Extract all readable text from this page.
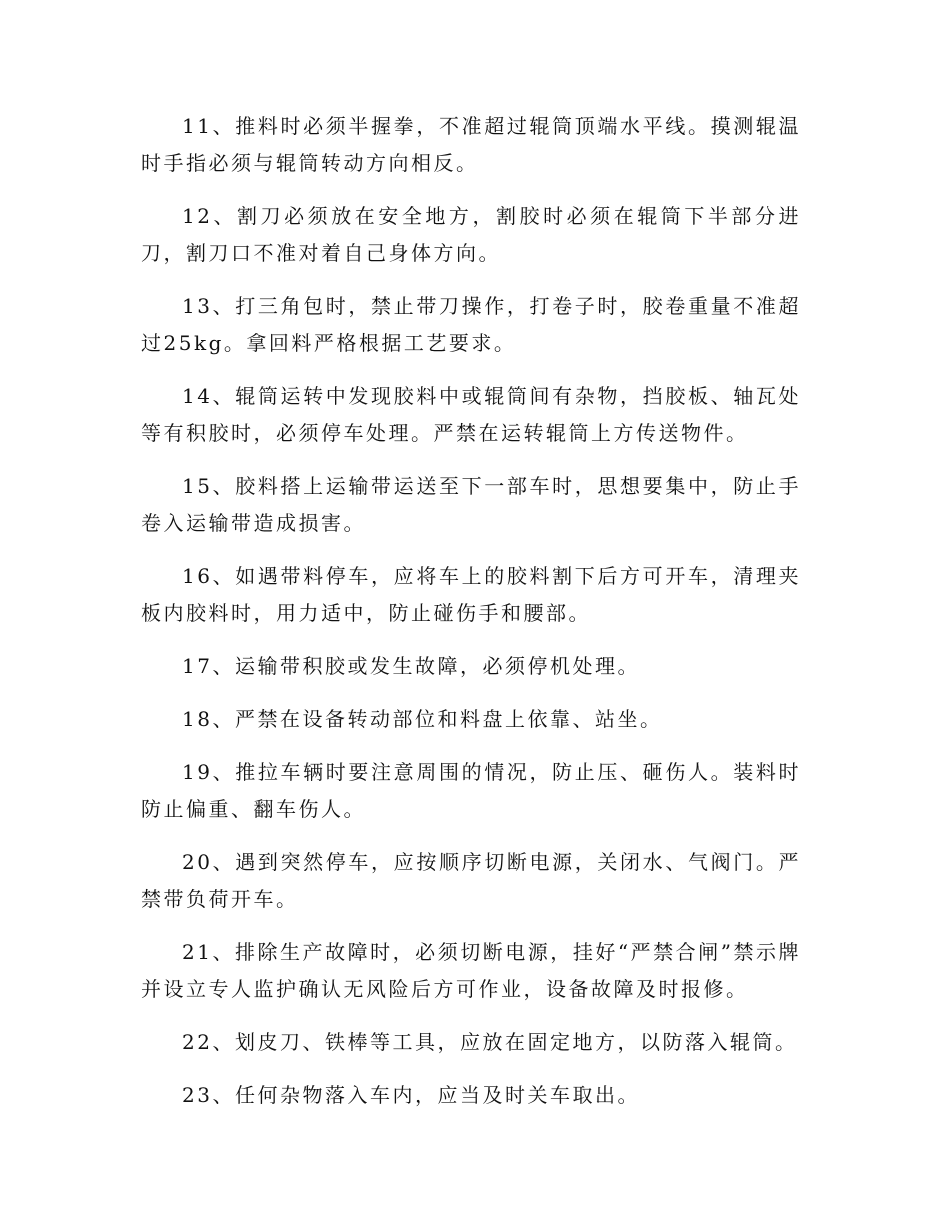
11、推料时必须半握拳，不准超过辊筒顶端水平线。摸测辊温时手指必须与辊筒转动方向相反。

12、割刀必须放在安全地方，割胶时必须在辊筒下半部分进刀，割刀口不准对着自己身体方向。

13、打三角包时，禁止带刀操作，打卷子时，胶卷重量不准超过25kg。拿回料严格根据工艺要求。

14、辊筒运转中发现胶料中或辊筒间有杂物，挡胶板、轴瓦处等有积胶时，必须停车处理。严禁在运转辊筒上方传送物件。

15、胶料搭上运输带运送至下一部车时，思想要集中，防止手卷入运输带造成损害。

16、如遇带料停车，应将车上的胶料割下后方可开车，清理夹板内胶料时，用力适中，防止碰伤手和腰部。

17、运输带积胶或发生故障，必须停机处理。

18、严禁在设备转动部位和料盘上依靠、站坐。

19、推拉车辆时要注意周围的情况，防止压、砸伤人。装料时防止偏重、翻车伤人。

20、遇到突然停车，应按顺序切断电源，关闭水、气阀门。严禁带负荷开车。

21、排除生产故障时，必须切断电源，挂好“严禁合闸”禁示牌并设立专人监护确认无风险后方可作业，设备故障及时报修。

22、划皮刀、铁棒等工具，应放在固定地方，以防落入辊筒。

23、任何杂物落入车内，应当及时关车取出。
